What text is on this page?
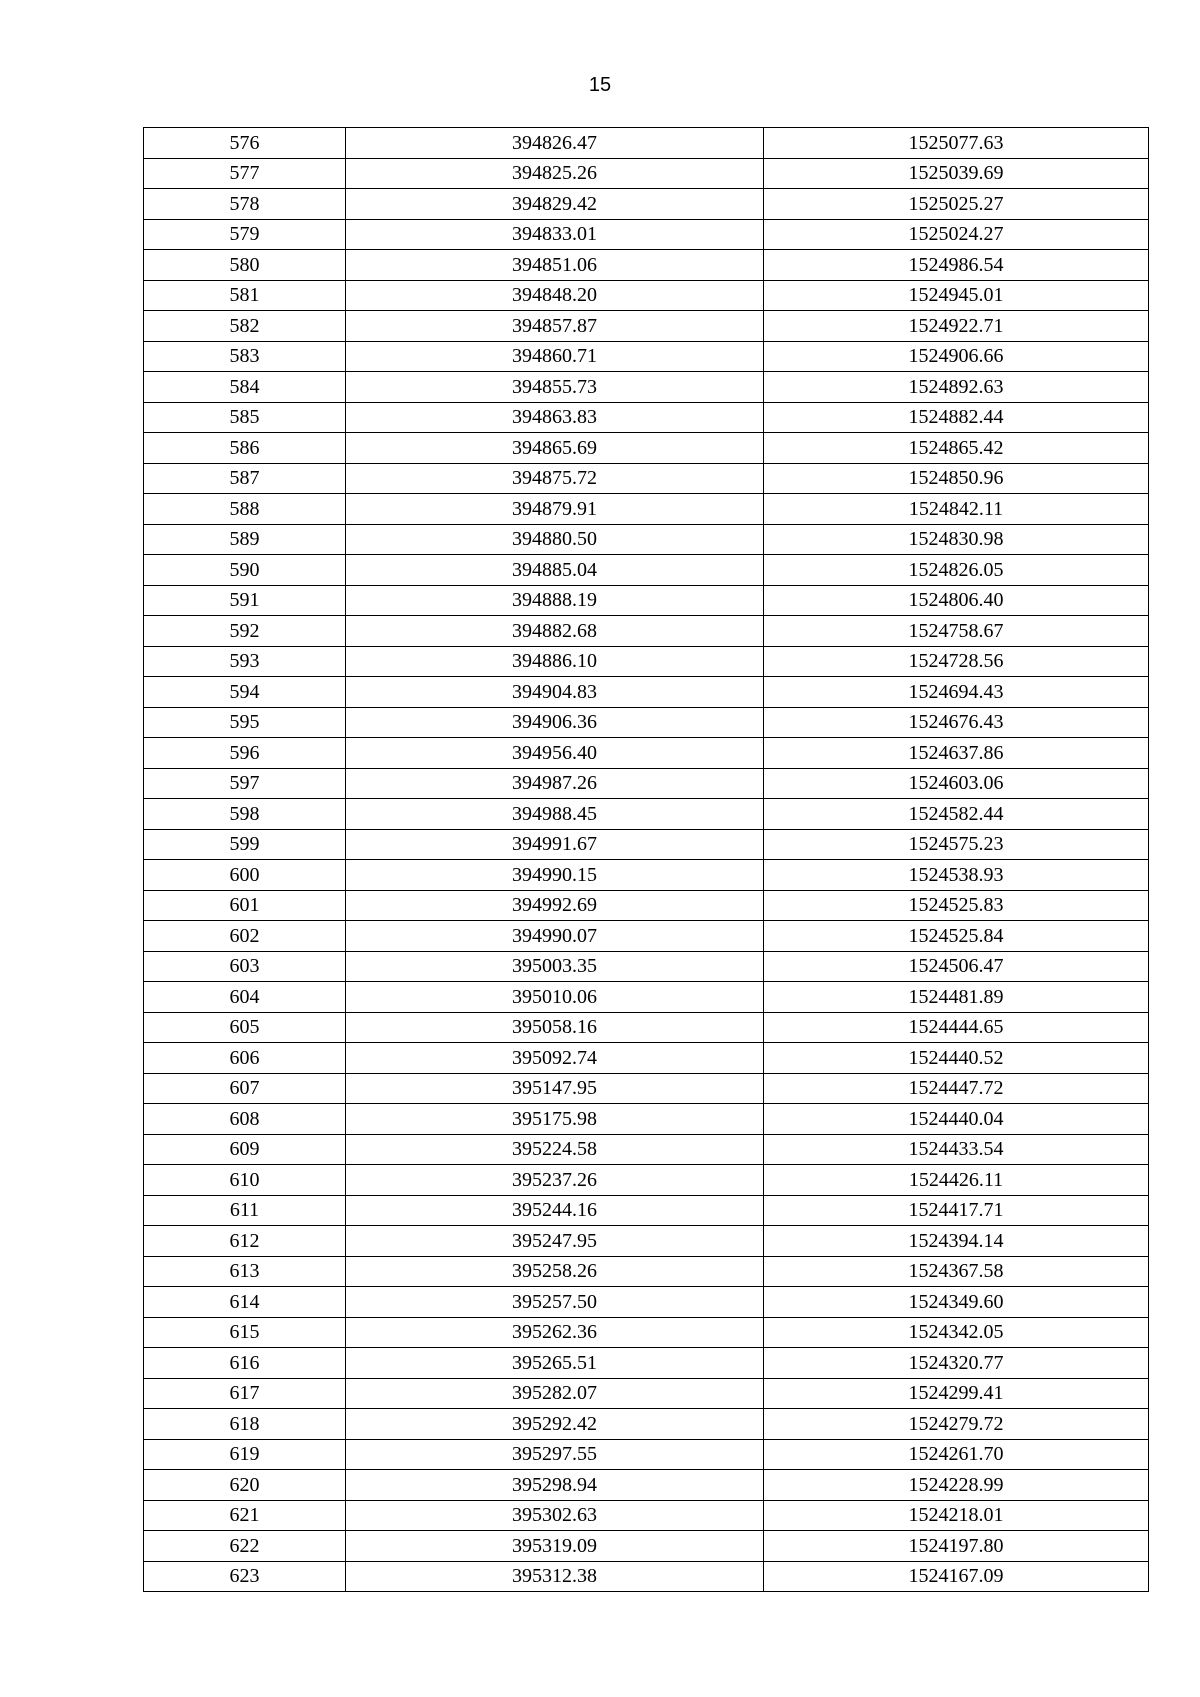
15
576	394826.47	1525077.63
577	394825.26	1525039.69
578	394829.42	1525025.27
579	394833.01	1525024.27
580	394851.06	1524986.54
581	394848.20	1524945.01
582	394857.87	1524922.71
583	394860.71	1524906.66
584	394855.73	1524892.63
585	394863.83	1524882.44
586	394865.69	1524865.42
587	394875.72	1524850.96
588	394879.91	1524842.11
589	394880.50	1524830.98
590	394885.04	1524826.05
591	394888.19	1524806.40
592	394882.68	1524758.67
593	394886.10	1524728.56
594	394904.83	1524694.43
595	394906.36	1524676.43
596	394956.40	1524637.86
597	394987.26	1524603.06
598	394988.45	1524582.44
599	394991.67	1524575.23
600	394990.15	1524538.93
601	394992.69	1524525.83
602	394990.07	1524525.84
603	395003.35	1524506.47
604	395010.06	1524481.89
605	395058.16	1524444.65
606	395092.74	1524440.52
607	395147.95	1524447.72
608	395175.98	1524440.04
609	395224.58	1524433.54
610	395237.26	1524426.11
611	395244.16	1524417.71
612	395247.95	1524394.14
613	395258.26	1524367.58
614	395257.50	1524349.60
615	395262.36	1524342.05
616	395265.51	1524320.77
617	395282.07	1524299.41
618	395292.42	1524279.72
619	395297.55	1524261.70
620	395298.94	1524228.99
621	395302.63	1524218.01
622	395319.09	1524197.80
623	395312.38	1524167.09
